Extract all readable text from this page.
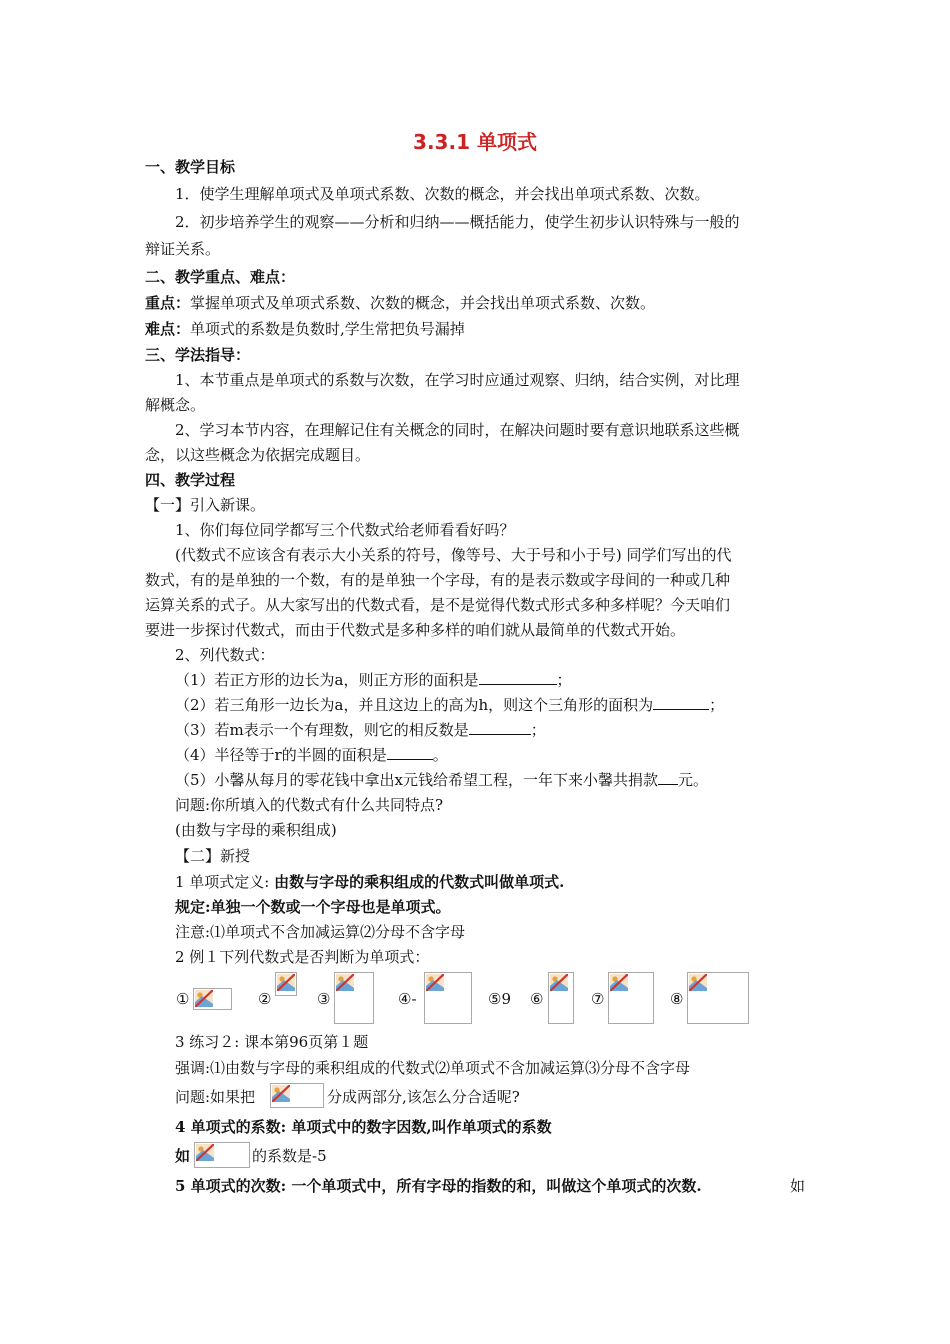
3.3.1 单项式
一、教学目标
1．使学生理解单项式及单项式系数、次数的概念，并会找出单项式系数、次数。
2．初步培养学生的观察——分析和归纳——概括能力，使学生初步认识特殊与一般的
辩证关系。
二、教学重点、难点：
重点：掌握单项式及单项式系数、次数的概念，并会找出单项式系数、次数。
难点：单项式的系数是负数时,学生常把负号漏掉
三、学法指导：
1、本节重点是单项式的系数与次数，在学习时应通过观察、归纳，结合实例，对比理
解概念。
2、学习本节内容，在理解记住有关概念的同时，在解决问题时要有意识地联系这些概
念，以这些概念为依据完成题目。
四、教学过程
【一】引入新课。
1、你们每位同学都写三个代数式给老师看看好吗？
(代数式不应该含有表示大小关系的符号，像等号、大于号和小于号) 同学们写出的代
数式，有的是单独的一个数，有的是单独一个字母，有的是表示数或字母间的一种或几种
运算关系的式子。从大家写出的代数式看，是不是觉得代数式形式多种多样呢？今天咱们
要进一步探讨代数式，而由于代数式是多种多样的咱们就从最简单的代数式开始。
2、列代数式：
（1）若正方形的边长为a，则正方形的面积是	；
（2）若三角形一边长为a，并且这边上的高为h，则这个三角形的面积为	；
（3）若m表示一个有理数，则它的相反数是	；
（4）半径等于r的半圆的面积是	。
（5）小馨从每月的零花钱中拿出x元钱给希望工程，一年下来小馨共捐款 元。
问题:你所填入的代数式有什么共同特点?
(由数与字母的乘积组成)
【二】新授
1 单项式定义: 由数与字母的乘积组成的代数式叫做单项式.
规定:单独一个数或一个字母也是单项式。
注意:⑴单项式不含加减运算⑵分母不含字母
2 例１下列代数式是否判断为单项式：
①	②	③	④-	⑤9 ⑥	⑦	⑧
3 练习２: 课本第96页第１题
强调:⑴由数与字母的乘积组成的代数式⑵单项式不含加减运算⑶分母不含字母
问题:如果把	分成两部分,该怎么分合适呢?
4 单项式的系数: 单项式中的数字因数,叫作单项式的系数
如	的系数是-5
5 单项式的次数: 一个单项式中，所有字母的指数的和，叫做这个单项式的次数.	如
